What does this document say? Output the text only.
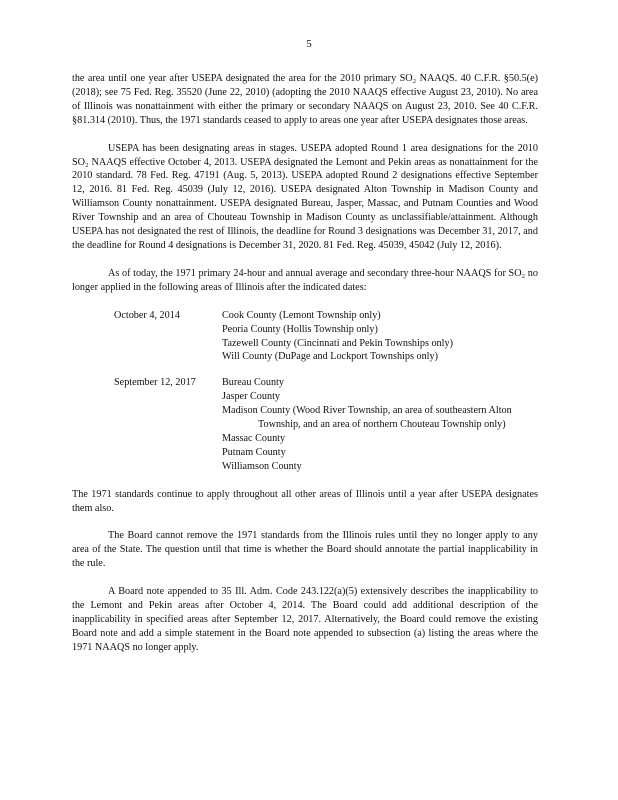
5

the area until one year after USEPA designated the area for the 2010 primary SO₂ NAAQS. 40 C.F.R. §50.5(e) (2018); see 75 Fed. Reg. 35520 (June 22, 2010) (adopting the 2010 NAAQS effective August 23, 2010). No area of Illinois was nonattainment with either the primary or secondary NAAQS on August 23, 2010. See 40 C.F.R. §81.314 (2010). Thus, the 1971 standards ceased to apply to areas one year after USEPA designates those areas.

USEPA has been designating areas in stages. USEPA adopted Round 1 area designations for the 2010 SO₂ NAAQS effective October 4, 2013. USEPA designated the Lemont and Pekin areas as nonattainment for the 2010 standard. 78 Fed. Reg. 47191 (Aug. 5, 2013). USEPA adopted Round 2 designations effective September 12, 2016. 81 Fed. Reg. 45039 (July 12, 2016). USEPA designated Alton Township in Madison County and Williamson County nonattainment. USEPA designated Bureau, Jasper, Massac, and Putnam Counties and Wood River Township and an area of Chouteau Township in Madison County as unclassifiable/attainment. Although USEPA has not designated the rest of Illinois, the deadline for Round 3 designations was December 31, 2017, and the deadline for Round 4 designations is December 31, 2020. 81 Fed. Reg. 45039, 45042 (July 12, 2016).

As of today, the 1971 primary 24-hour and annual average and secondary three-hour NAAQS for SO₂ no longer applied in the following areas of Illinois after the indicated dates:

October 4, 2014	Cook County (Lemont Township only)

Peoria County (Hollis Township only)

Tazewell County (Cincinnati and Pekin Townships only)

Will County (DuPage and Lockport Townships only)

September 12, 2017	Bureau County

Jasper County

Madison County (Wood River Township, an area of southeastern Alton Township, and an area of northern Chouteau Township only)

Massac County

Putnam County

Williamson County

The 1971 standards continue to apply throughout all other areas of Illinois until a year after USEPA designates them also.

The Board cannot remove the 1971 standards from the Illinois rules until they no longer apply to any area of the State. The question until that time is whether the Board should annotate the partial inapplicability in the rule.

A Board note appended to 35 Ill. Adm. Code 243.122(a)(5) extensively describes the inapplicability to the Lemont and Pekin areas after October 4, 2014. The Board could add additional description of the inapplicability in specified areas after September 12, 2017. Alternatively, the Board could remove the existing Board note and add a simple statement in the Board note appended to subsection (a) listing the areas where the 1971 NAAQS no longer apply.
